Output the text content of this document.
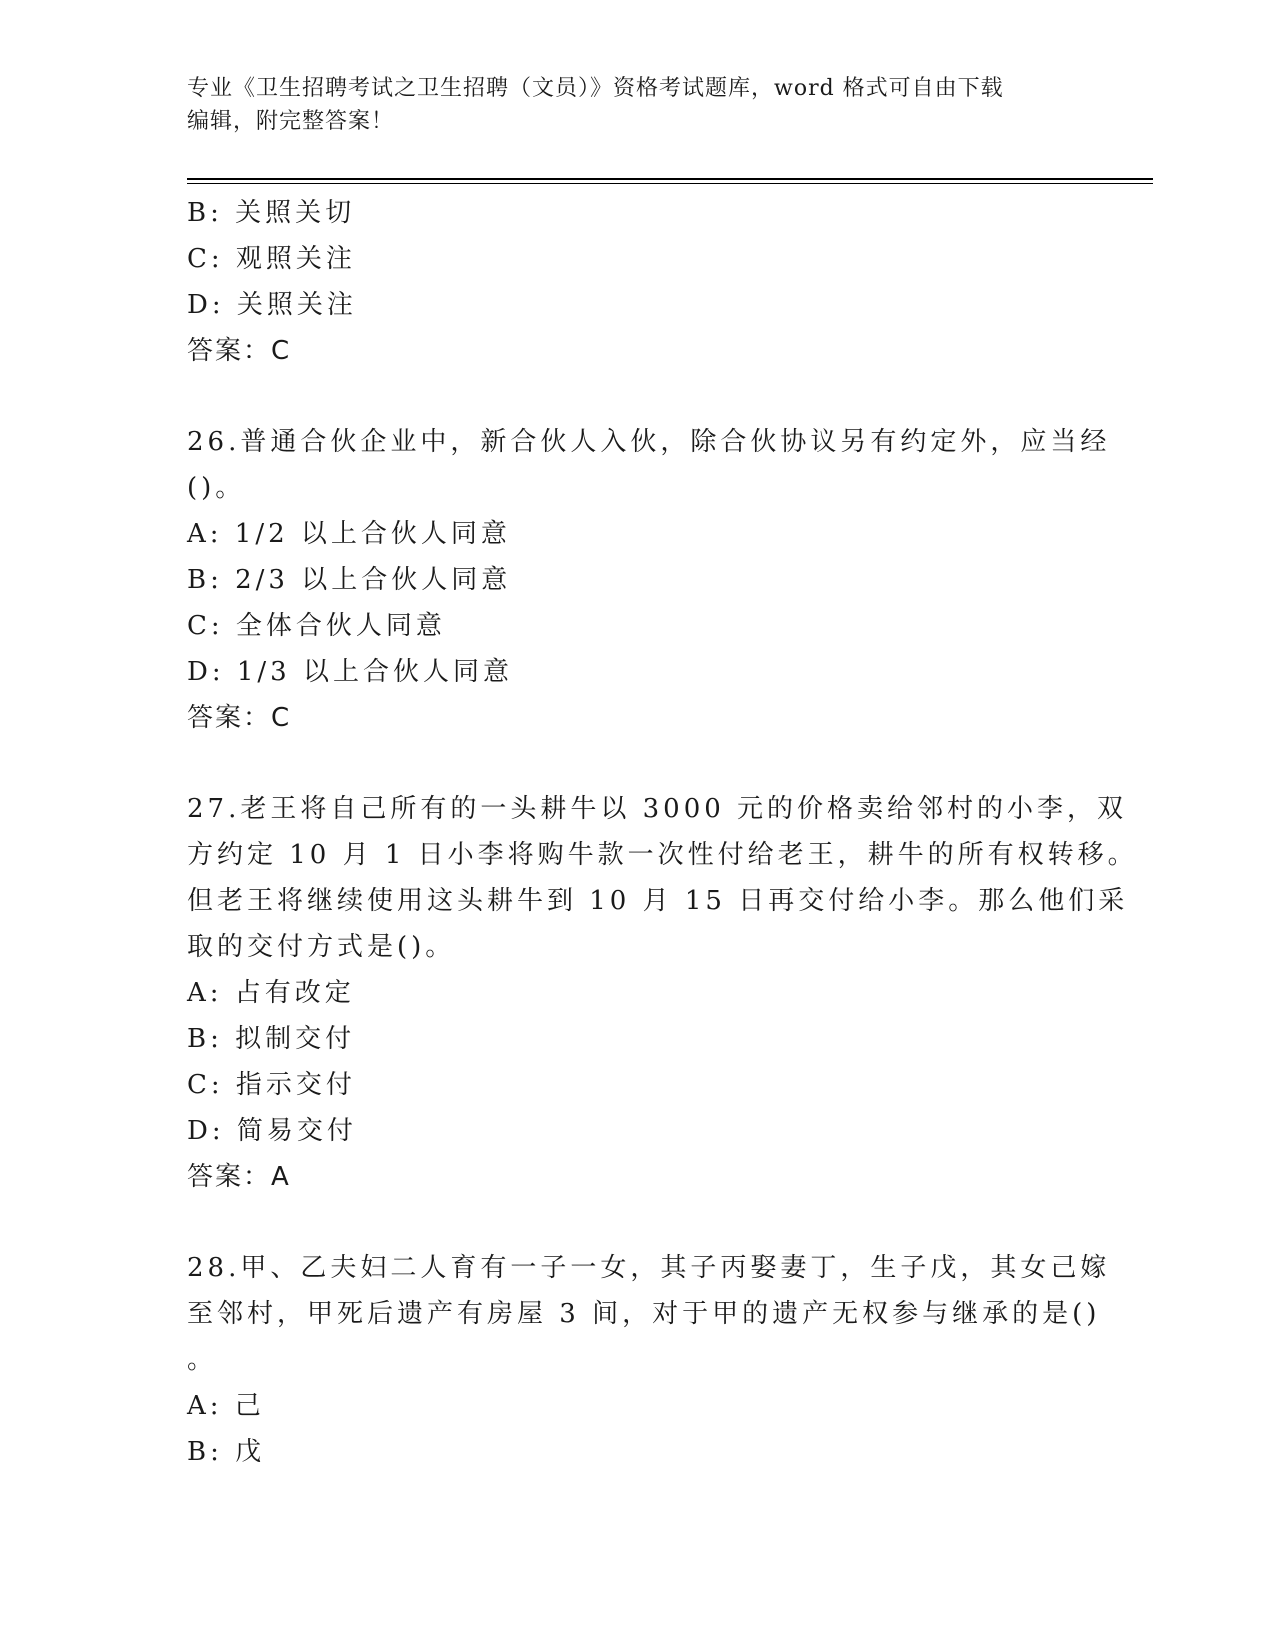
专业《卫生招聘考试之卫生招聘（文员）》资格考试题库，word 格式可自由下载
编辑，附完整答案！
B: 关照关切
C: 观照关注
D: 关照关注
答案：C
26.普通合伙企业中，新合伙人入伙，除合伙协议另有约定外，应当经
()。
A: 1/2 以上合伙人同意
B: 2/3 以上合伙人同意
C: 全体合伙人同意
D: 1/3 以上合伙人同意
答案：C
27.老王将自己所有的一头耕牛以 3000 元的价格卖给邻村的小李，双
方约定 10 月 1 日小李将购牛款一次性付给老王，耕牛的所有权转移。
但老王将继续使用这头耕牛到 10 月 15 日再交付给小李。那么他们采
取的交付方式是()。
A: 占有改定
B: 拟制交付
C: 指示交付
D: 简易交付
答案：A
28.甲、乙夫妇二人育有一子一女，其子丙娶妻丁，生子戊，其女己嫁
至邻村，甲死后遗产有房屋 3 间，对于甲的遗产无权参与继承的是()
。
A: 己
B: 戊
